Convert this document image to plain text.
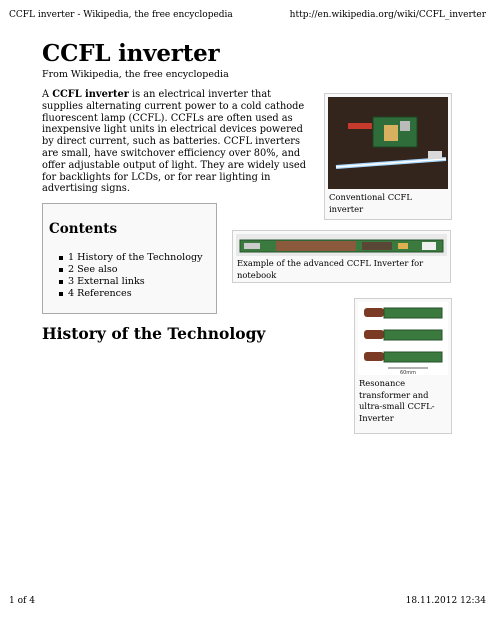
CCFL inverter - Wikipedia, the free encyclopedia	http://en.wikipedia.org/wiki/CCFL_inverter
CCFL inverter
From Wikipedia, the free encyclopedia

A CCFL inverter is an electrical inverter that supplies alternating current power to a cold cathode fluorescent lamp (CCFL). CCFLs are often used as inexpensive light units in electrical devices powered by direct current, such as batteries. CCFL inverters are small, have switchover efficiency over 80%, and offer adjustable output of light. They are widely used for backlights for LCDs, or for rear lighting in advertising signs.

Conventional CCFL inverter
Contents
1 History of the Technology
2 See also
3 External links
4 References
Example of the advanced CCFL Inverter for notebook
60mm
Resonance transformer and ultra-small CCFL-Inverter
History of the Technology
1 of 4	18.11.2012 12:34
